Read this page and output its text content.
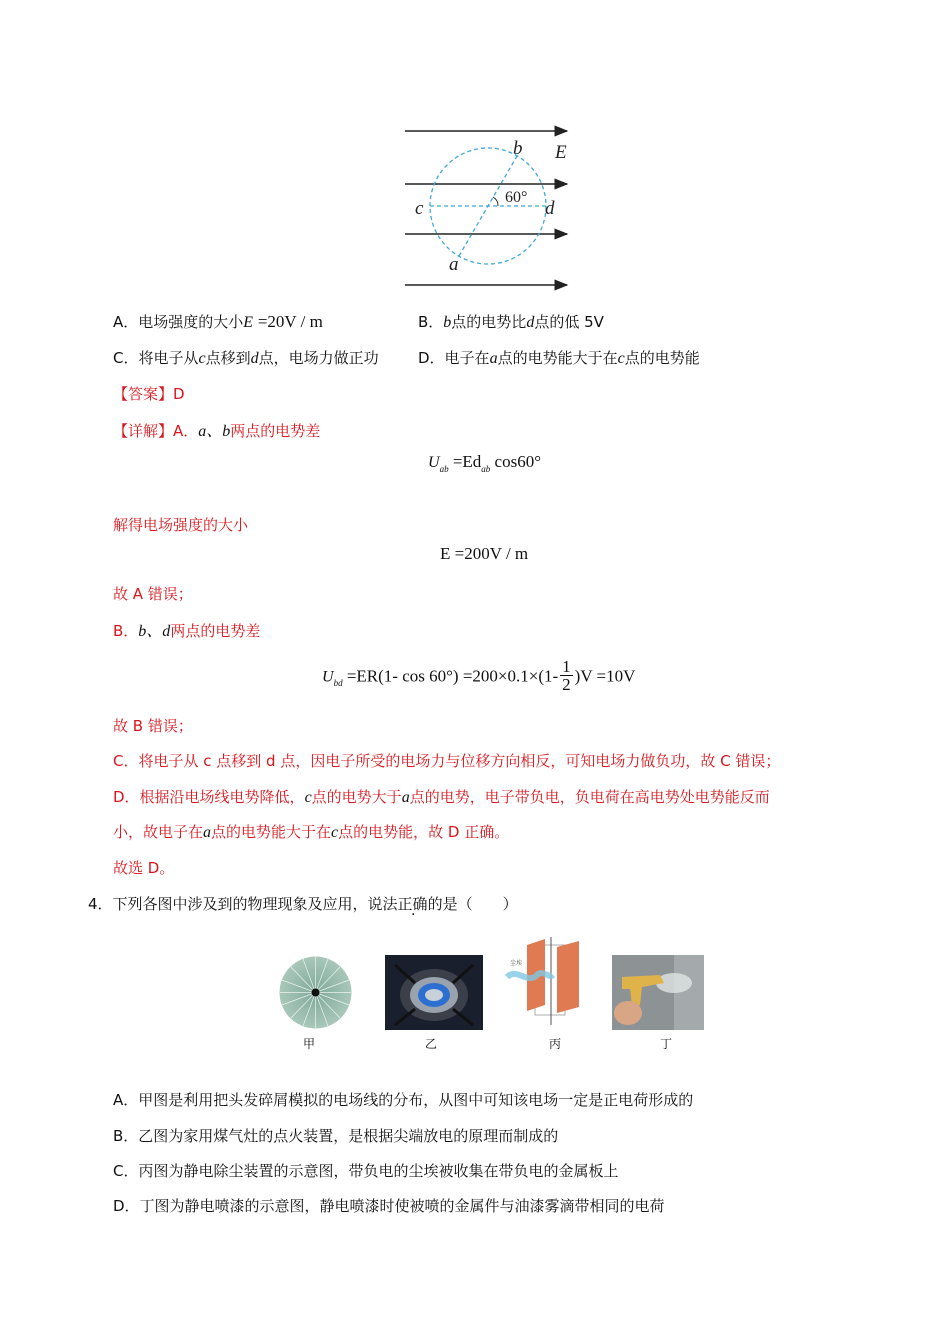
b E
60°
c	d
a
A．电场强度的大小E =20V / m	B．b点的电势比d点的低 5V
C．将电子从c点移到d点，电场力做正功	D．电子在a点的电势能大于在c点的电势能
【答案】D
【详解】A．a、b两点的电势差
$U_{ab} =Ed_{ab}$ cos60°
解得电场强度的大小
E =200V / m
故 A 错误；
B．b、d两点的电势差
$U_{bd} =ER(1-$ $\cos 60^\circ) =200\times 0.1\times(1- \frac{1}{2} )V =10V$
故 B 错误；
C．将电子从 c 点移到 d 点，因电子所受的电场力与位移方向相反，可知电场力做负功，故 C 错误；
D．根据沿电场线电势降低，c点的电势大于a点的电势，电子带负电，负电荷在高电势处电势能反而
小，故电子在a点的电势能大于在c点的电势能，故 D 正确。
故选 D。
4．下列各图中涉及到的物理现象及应用，说法正确的是（　　）
甲	乙
尘埃
丙	丁
A．甲图是利用把头发碎屑模拟的电场线的分布，从图中可知该电场一定是正电荷形成的
B．乙图为家用煤气灶的点火装置，是根据尖端放电的原理而制成的
C．丙图为静电除尘装置的示意图，带负电的尘埃被收集在带负电的金属板上
D．丁图为静电喷漆的示意图，静电喷漆时使被喷的金属件与油漆雾滴带相同的电荷
